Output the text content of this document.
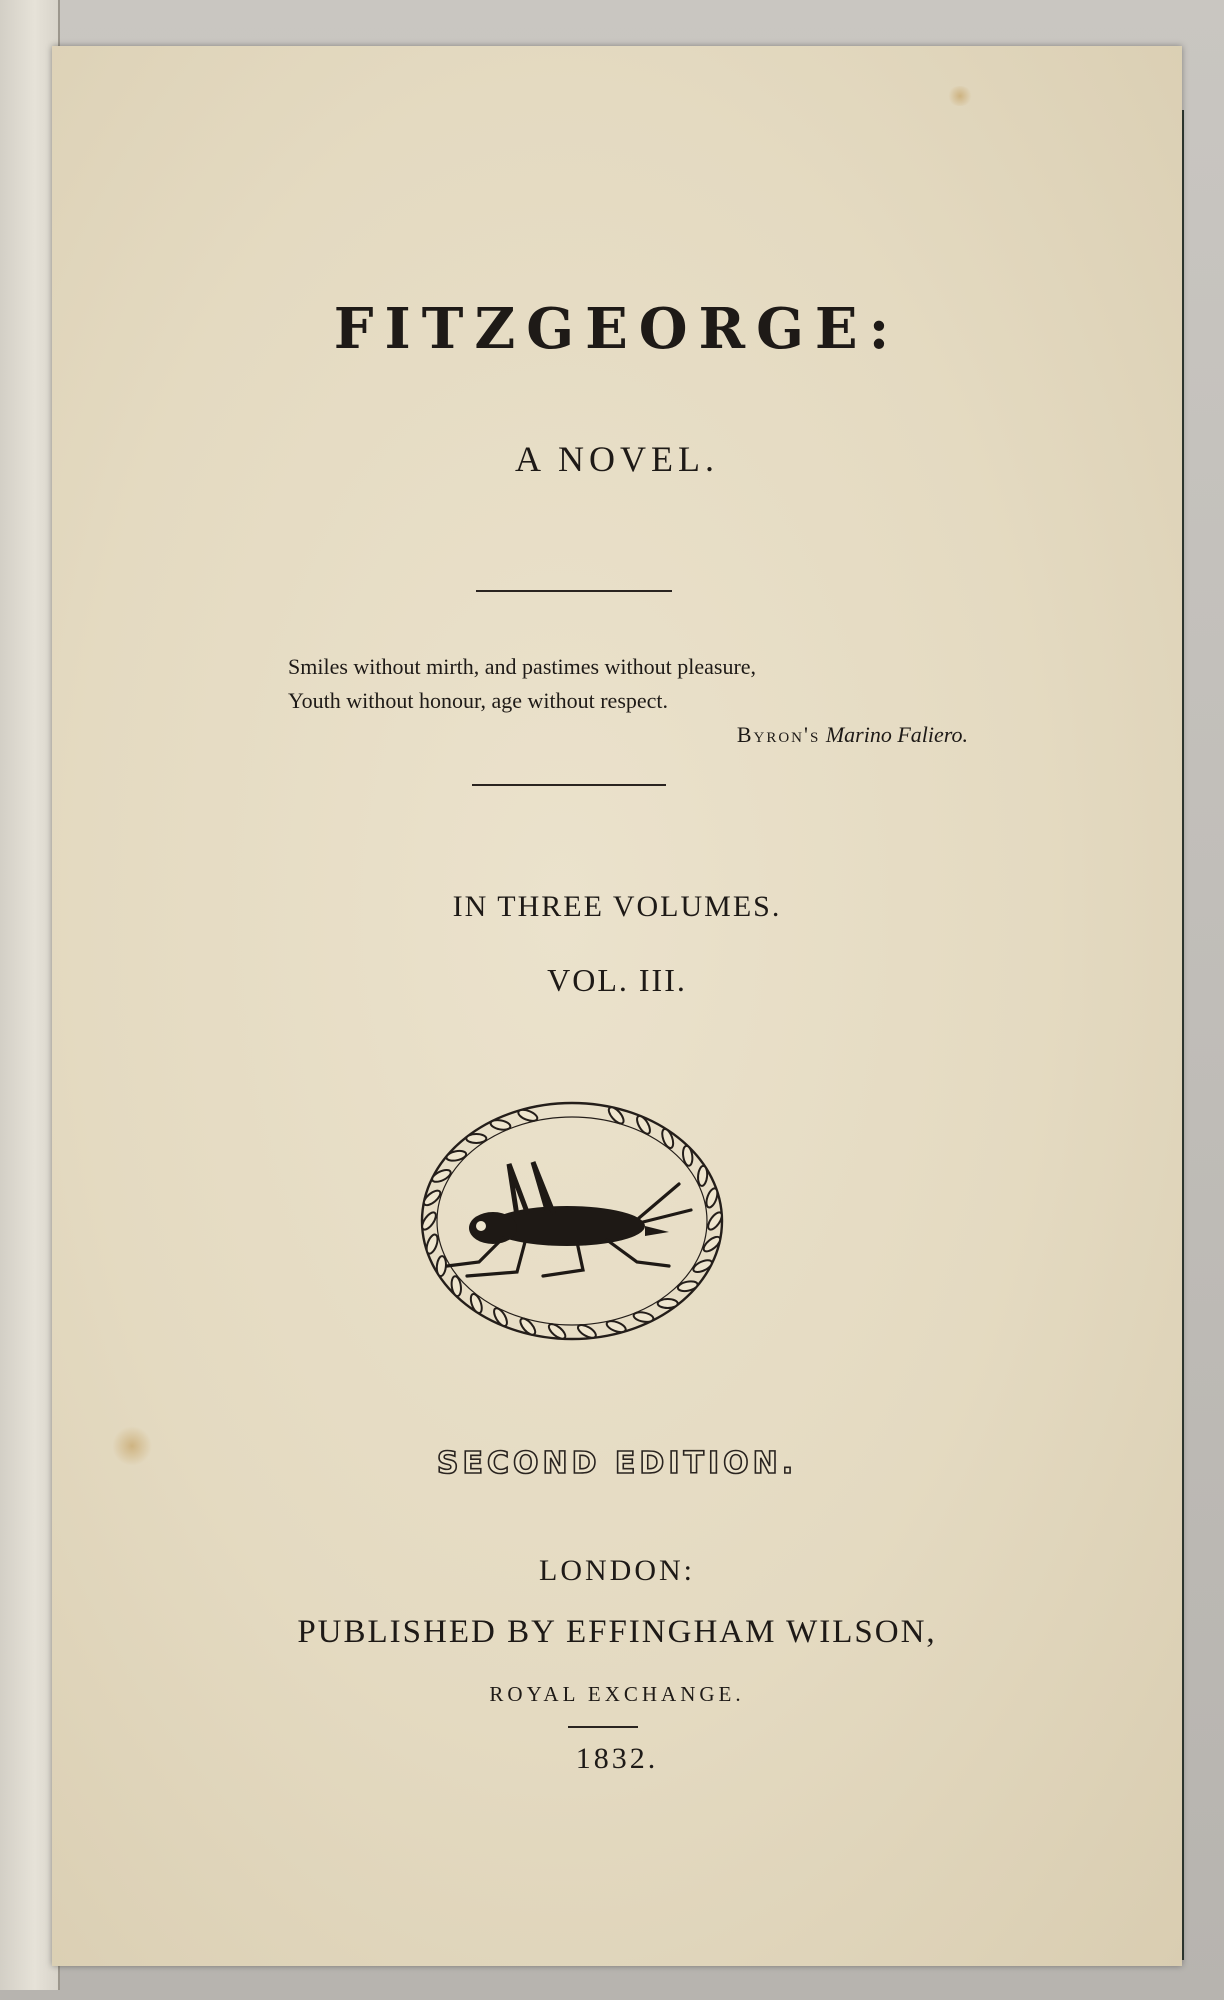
FITZGEORGE:
A NOVEL.
Smiles without mirth, and pastimes without pleasure,
Youth without honour, age without respect.
Byron's Marino Faliero.
IN THREE VOLUMES.
VOL. III.
SECOND EDITION.
LONDON:
PUBLISHED BY EFFINGHAM WILSON,
ROYAL EXCHANGE.
1832.
